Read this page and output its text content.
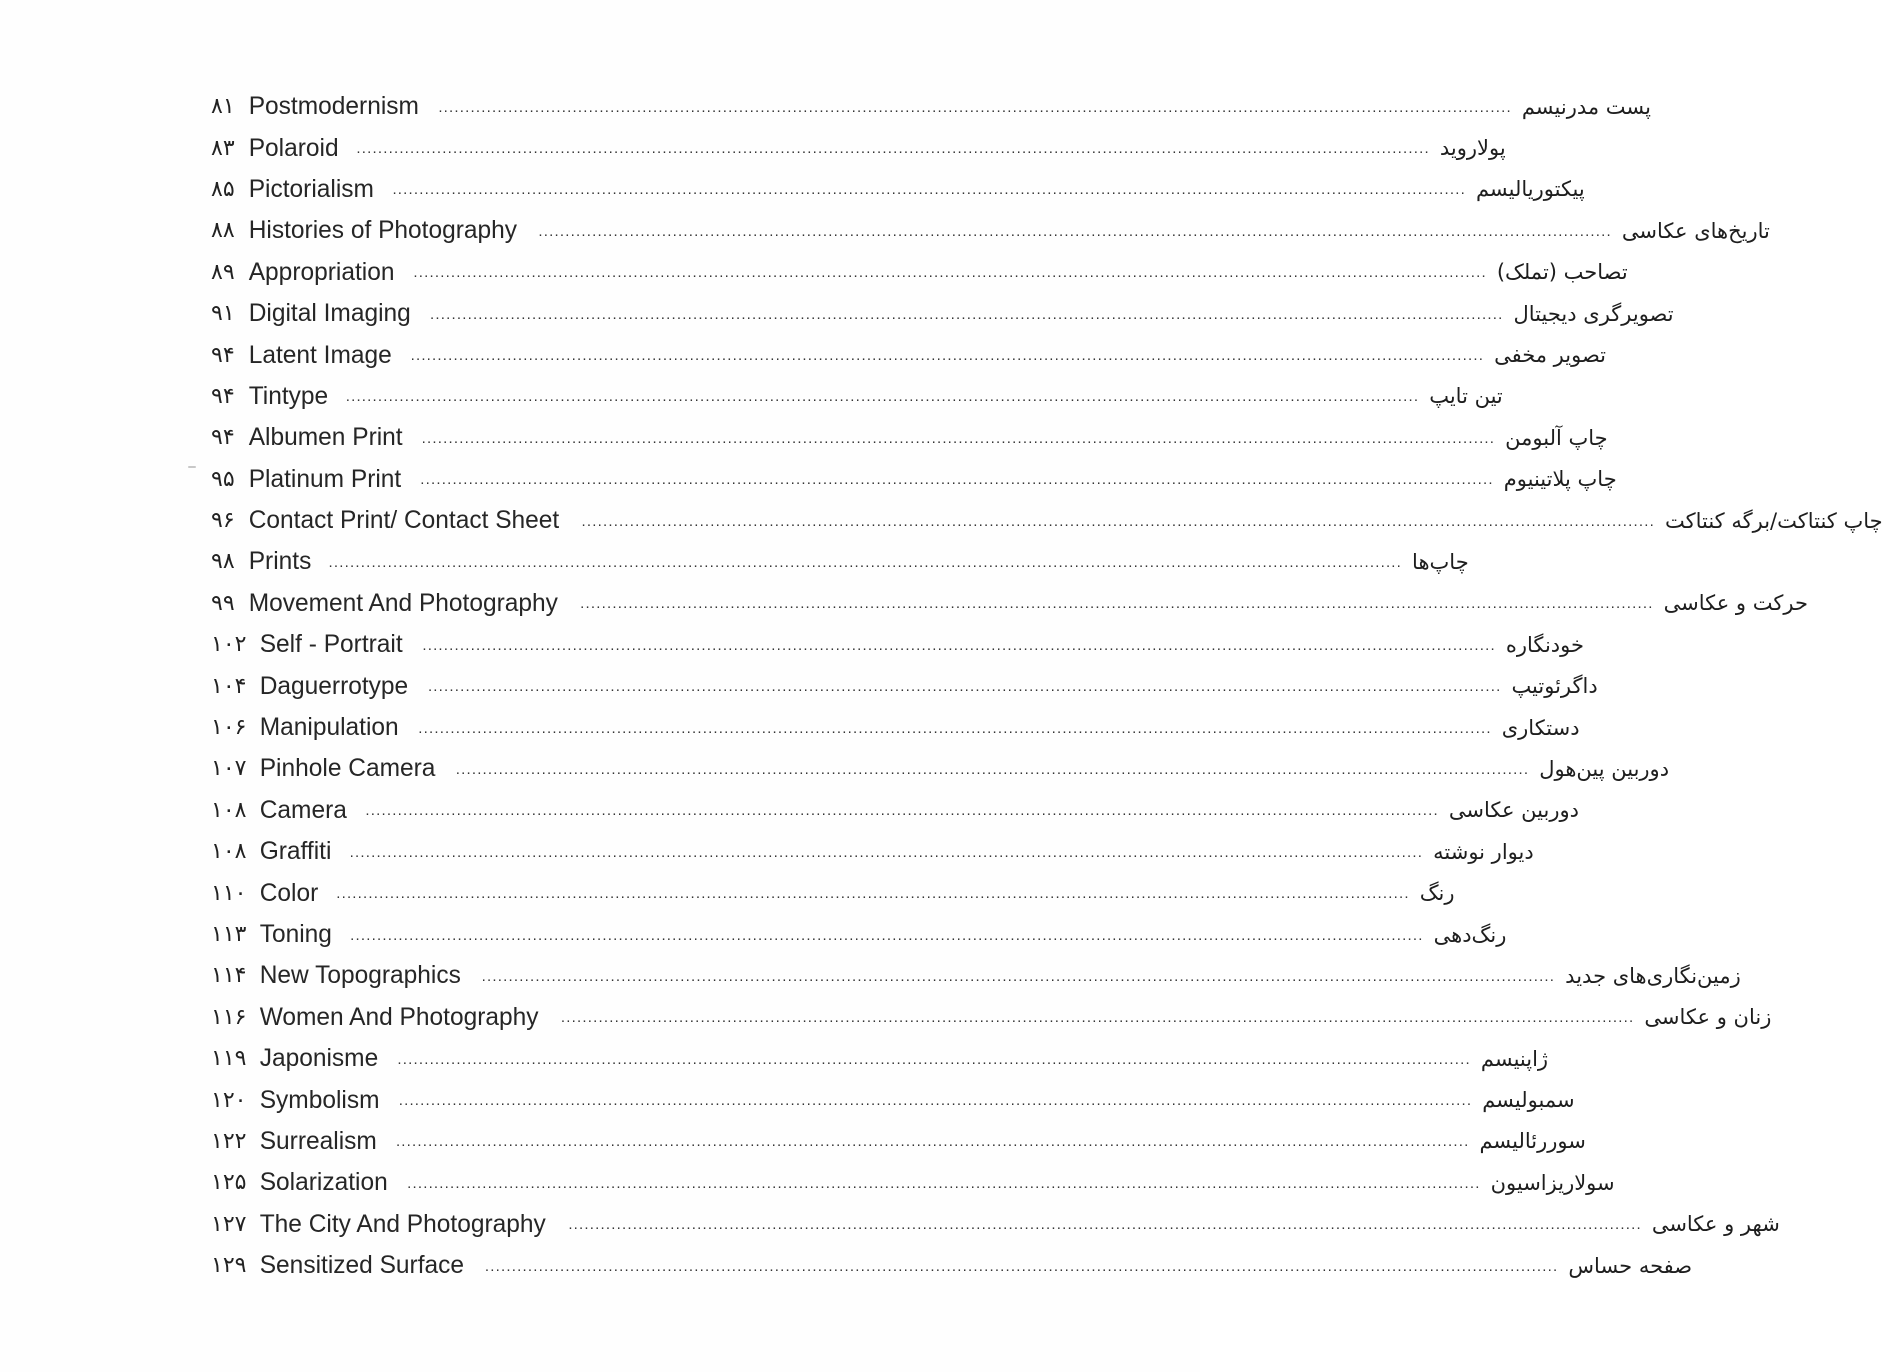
۸۱ Postmodernism ........................................................................................................................................................................................................ پست مدرنیسم
۸۳ Polaroid ........................................................................................................................................................................................................ پولارويد
۸۵ Pictorialism ........................................................................................................................................................................................................ پیکتوریالیسم
۸۸ Histories of Photography ........................................................................................................................................................................................................ تاریخ‌های عکاسی
۸۹ Appropriation ........................................................................................................................................................................................................ تصاحب (تملک)
۹۱ Digital Imaging ........................................................................................................................................................................................................ تصویرگری دیجیتال
۹۴ Latent Image ........................................................................................................................................................................................................ تصویر مخفی
۹۴ Tintype ........................................................................................................................................................................................................ تین تایپ
۹۴ Albumen Print ........................................................................................................................................................................................................ چاپ آلبومن
۹۵ Platinum Print ........................................................................................................................................................................................................ چاپ پلاتینیوم
۹۶ Contact Print/ Contact Sheet ........................................................................................................................................................................................................ چاپ کنتاکت/برگه کنتاکت
۹۸ Prints ........................................................................................................................................................................................................ چاپ‌ها
۹۹ Movement And Photography ........................................................................................................................................................................................................ حرکت و عکاسی
۱۰۲ Self - Portrait ........................................................................................................................................................................................................ خودنگاره
۱۰۴ Daguerrotype ........................................................................................................................................................................................................ داگرئوتیپ
۱۰۶ Manipulation ........................................................................................................................................................................................................ دستکاری
۱۰۷ Pinhole Camera ........................................................................................................................................................................................................ دوربین پین‌هول
۱۰۸ Camera ........................................................................................................................................................................................................ دوربین عکاسی
۱۰۸ Graffiti ........................................................................................................................................................................................................ دیوار نوشته
۱۱۰ Color ........................................................................................................................................................................................................ رنگ
۱۱۳ Toning ........................................................................................................................................................................................................ رنگ‌دهی
۱۱۴ New Topographics ........................................................................................................................................................................................................ زمین‌نگاری‌های جدید
۱۱۶ Women And Photography ........................................................................................................................................................................................................ زنان و عکاسی
۱۱۹ Japonisme ........................................................................................................................................................................................................ ژاپنیسم
۱۲۰ Symbolism ........................................................................................................................................................................................................ سمبولیسم
۱۲۲ Surrealism ........................................................................................................................................................................................................ سوررئالیسم
۱۲۵ Solarization ........................................................................................................................................................................................................ سولاریزاسیون
۱۲۷ The City And Photography ........................................................................................................................................................................................................ شهر و عکاسی
۱۲۹ Sensitized Surface ........................................................................................................................................................................................................ صفحه حساس
